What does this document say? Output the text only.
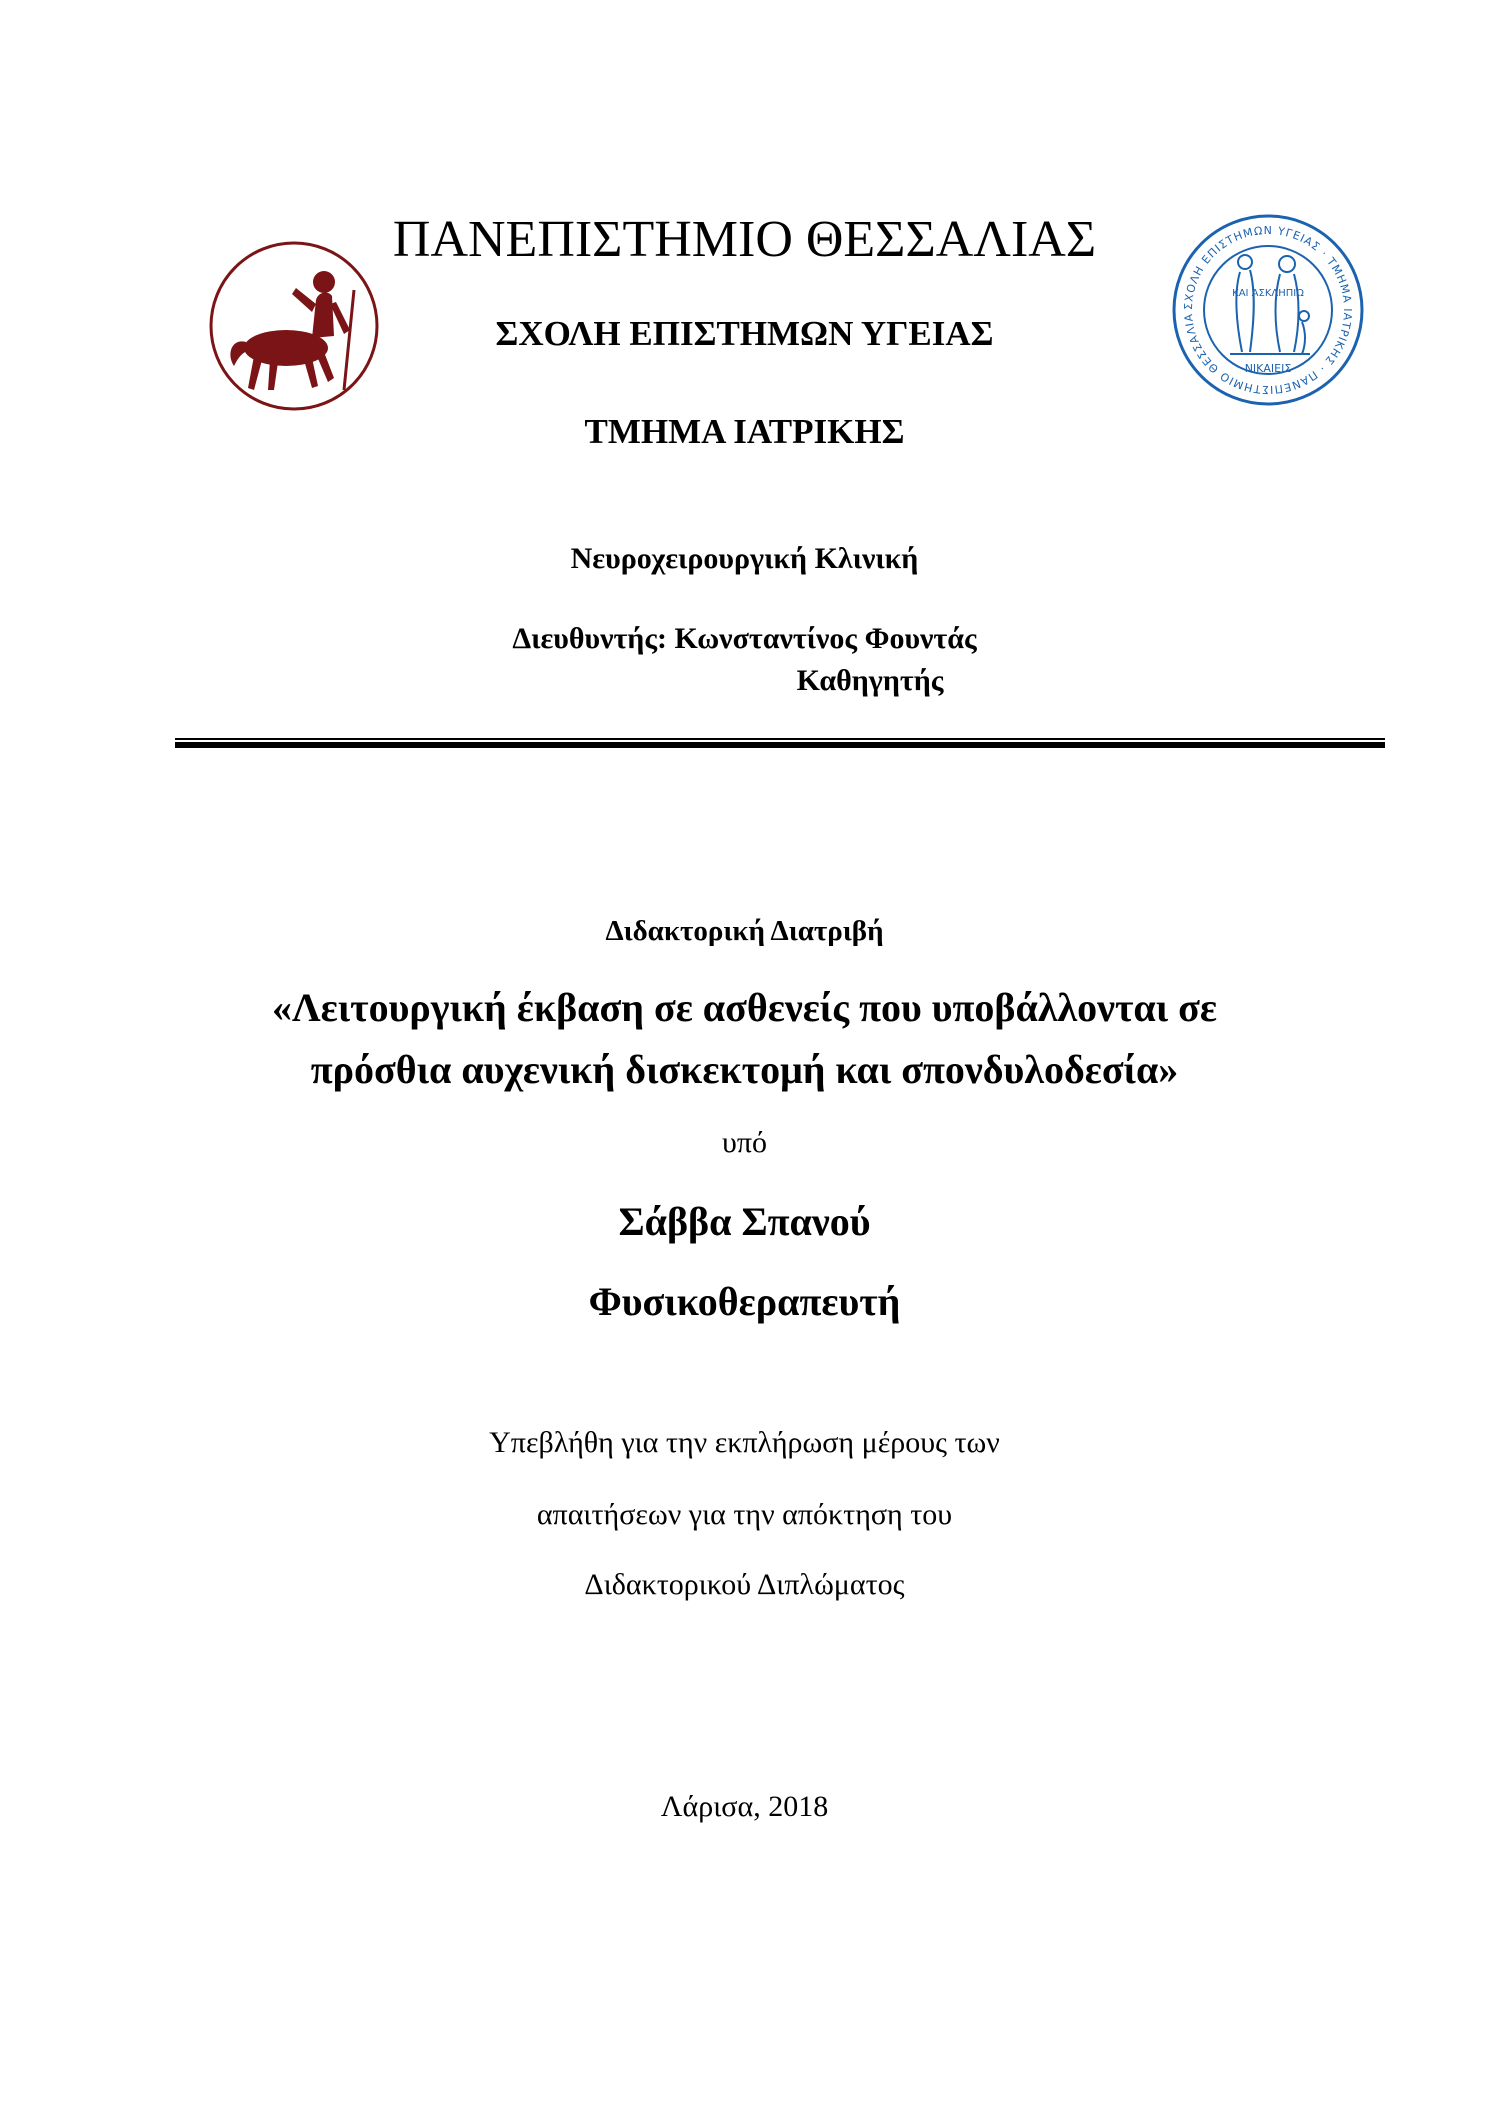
ΣΧΟΛΗ ΕΠΙΣΤΗΜΩΝ ΥΓΕΙΑΣ · ΤΜΗΜΑ ΙΑΤΡΙΚΗΣ · ΠΑΝΕΠΙΣΤΗΜΙΟ ΘΕΣΣΑΛΙΑ
ΚΑΙ ΑΣΚΛΗΠΙΩ
ΝΙΚΑΙΕΙΣ
ΠΑΝΕΠΙΣΤΗΜΙΟ ΘΕΣΣΑΛΙΑΣ
ΣΧΟΛΗ ΕΠΙΣΤΗΜΩΝ ΥΓΕΙΑΣ
ΤΜΗΜΑ ΙΑΤΡΙΚΗΣ
Νευροχειρουργική Κλινική
Διευθυντής: Κωνσταντίνος Φουντάς
Καθηγητής
Διδακτορική Διατριβή
«Λειτουργική έκβαση σε ασθενείς που υποβάλλονται σε
πρόσθια αυχενική δισκεκτομή και σπονδυλοδεσία»
υπό
Σάββα Σπανού
Φυσικοθεραπευτή
Υπεβλήθη για την εκπλήρωση μέρους των
απαιτήσεων για την απόκτηση του
Διδακτορικού Διπλώματος
Λάρισα, 2018
